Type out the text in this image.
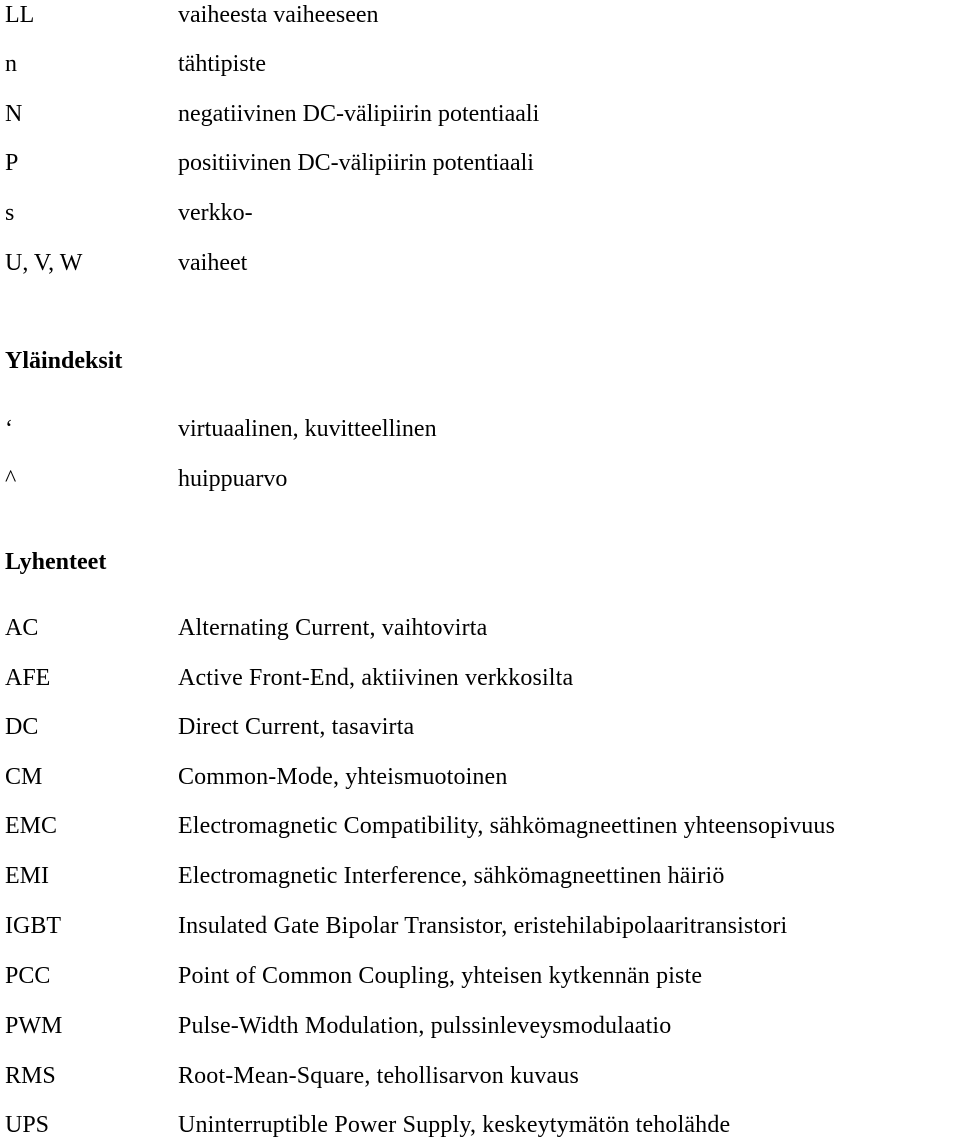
LL	vaiheesta vaiheeseen
n	tähtipiste
N	negatiivinen DC-välipiirin potentiaali
P	positiivinen DC-välipiirin potentiaali
s	verkko-
U, V, W	vaiheet
Yläindeksit
‘	virtuaalinen, kuvitteellinen
^	huippuarvo
Lyhenteet
AC	Alternating Current, vaihtovirta
AFE	Active Front-End, aktiivinen verkkosilta
DC	Direct Current, tasavirta
CM	Common-Mode, yhteismuotoinen
EMC	Electromagnetic Compatibility, sähkömagneettinen yhteensopivuus
EMI	Electromagnetic Interference, sähkömagneettinen häiriö
IGBT	Insulated Gate Bipolar Transistor, eristehilabipolaaritransistori
PCC	Point of Common Coupling, yhteisen kytkennän piste
PWM	Pulse-Width Modulation, pulssinleveysmodulaatio
RMS	Root-Mean-Square, tehollisarvon kuvaus
UPS	Uninterruptible Power Supply, keskeytymätön teholähde
